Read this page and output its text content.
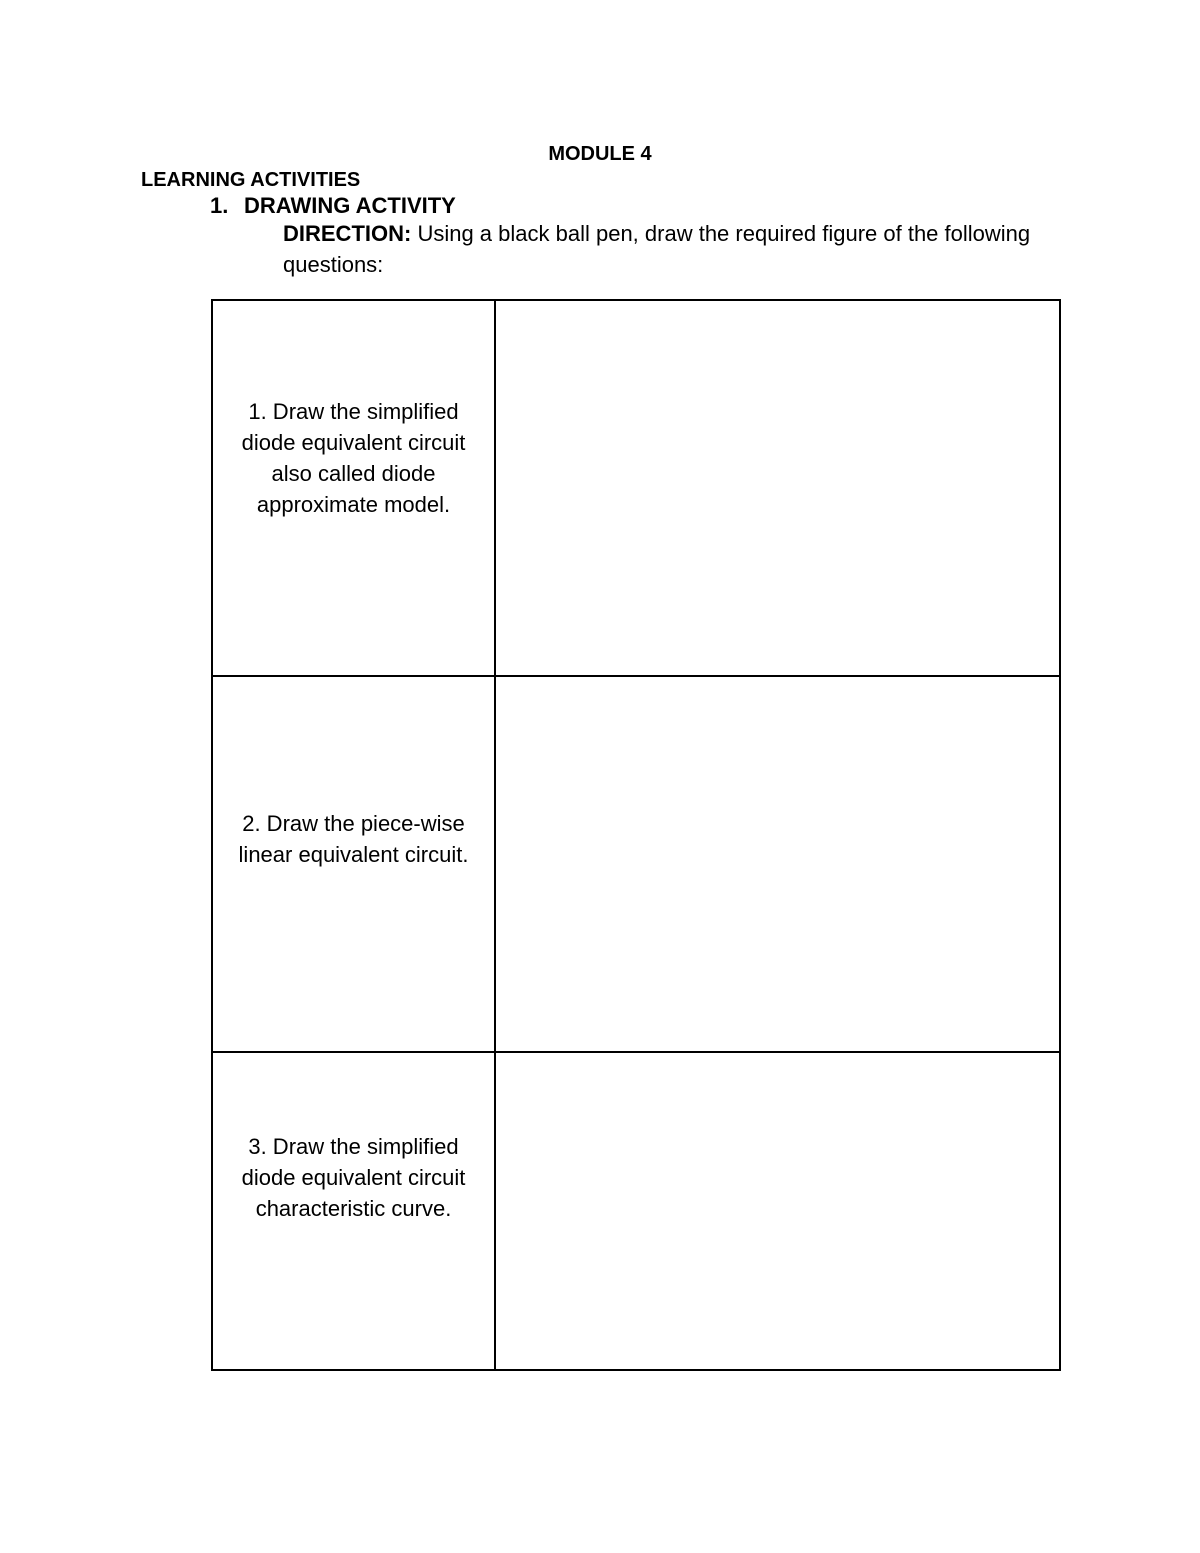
MODULE 4
LEARNING ACTIVITIES
1. DRAWING ACTIVITY
DIRECTION: Using a black ball pen, draw the required figure of the following questions:
1. Draw the simplified diode equivalent circuit also called diode approximate model.	

2. Draw the piece-wise linear equivalent circuit.	

3. Draw the simplified diode equivalent circuit characteristic curve.	
